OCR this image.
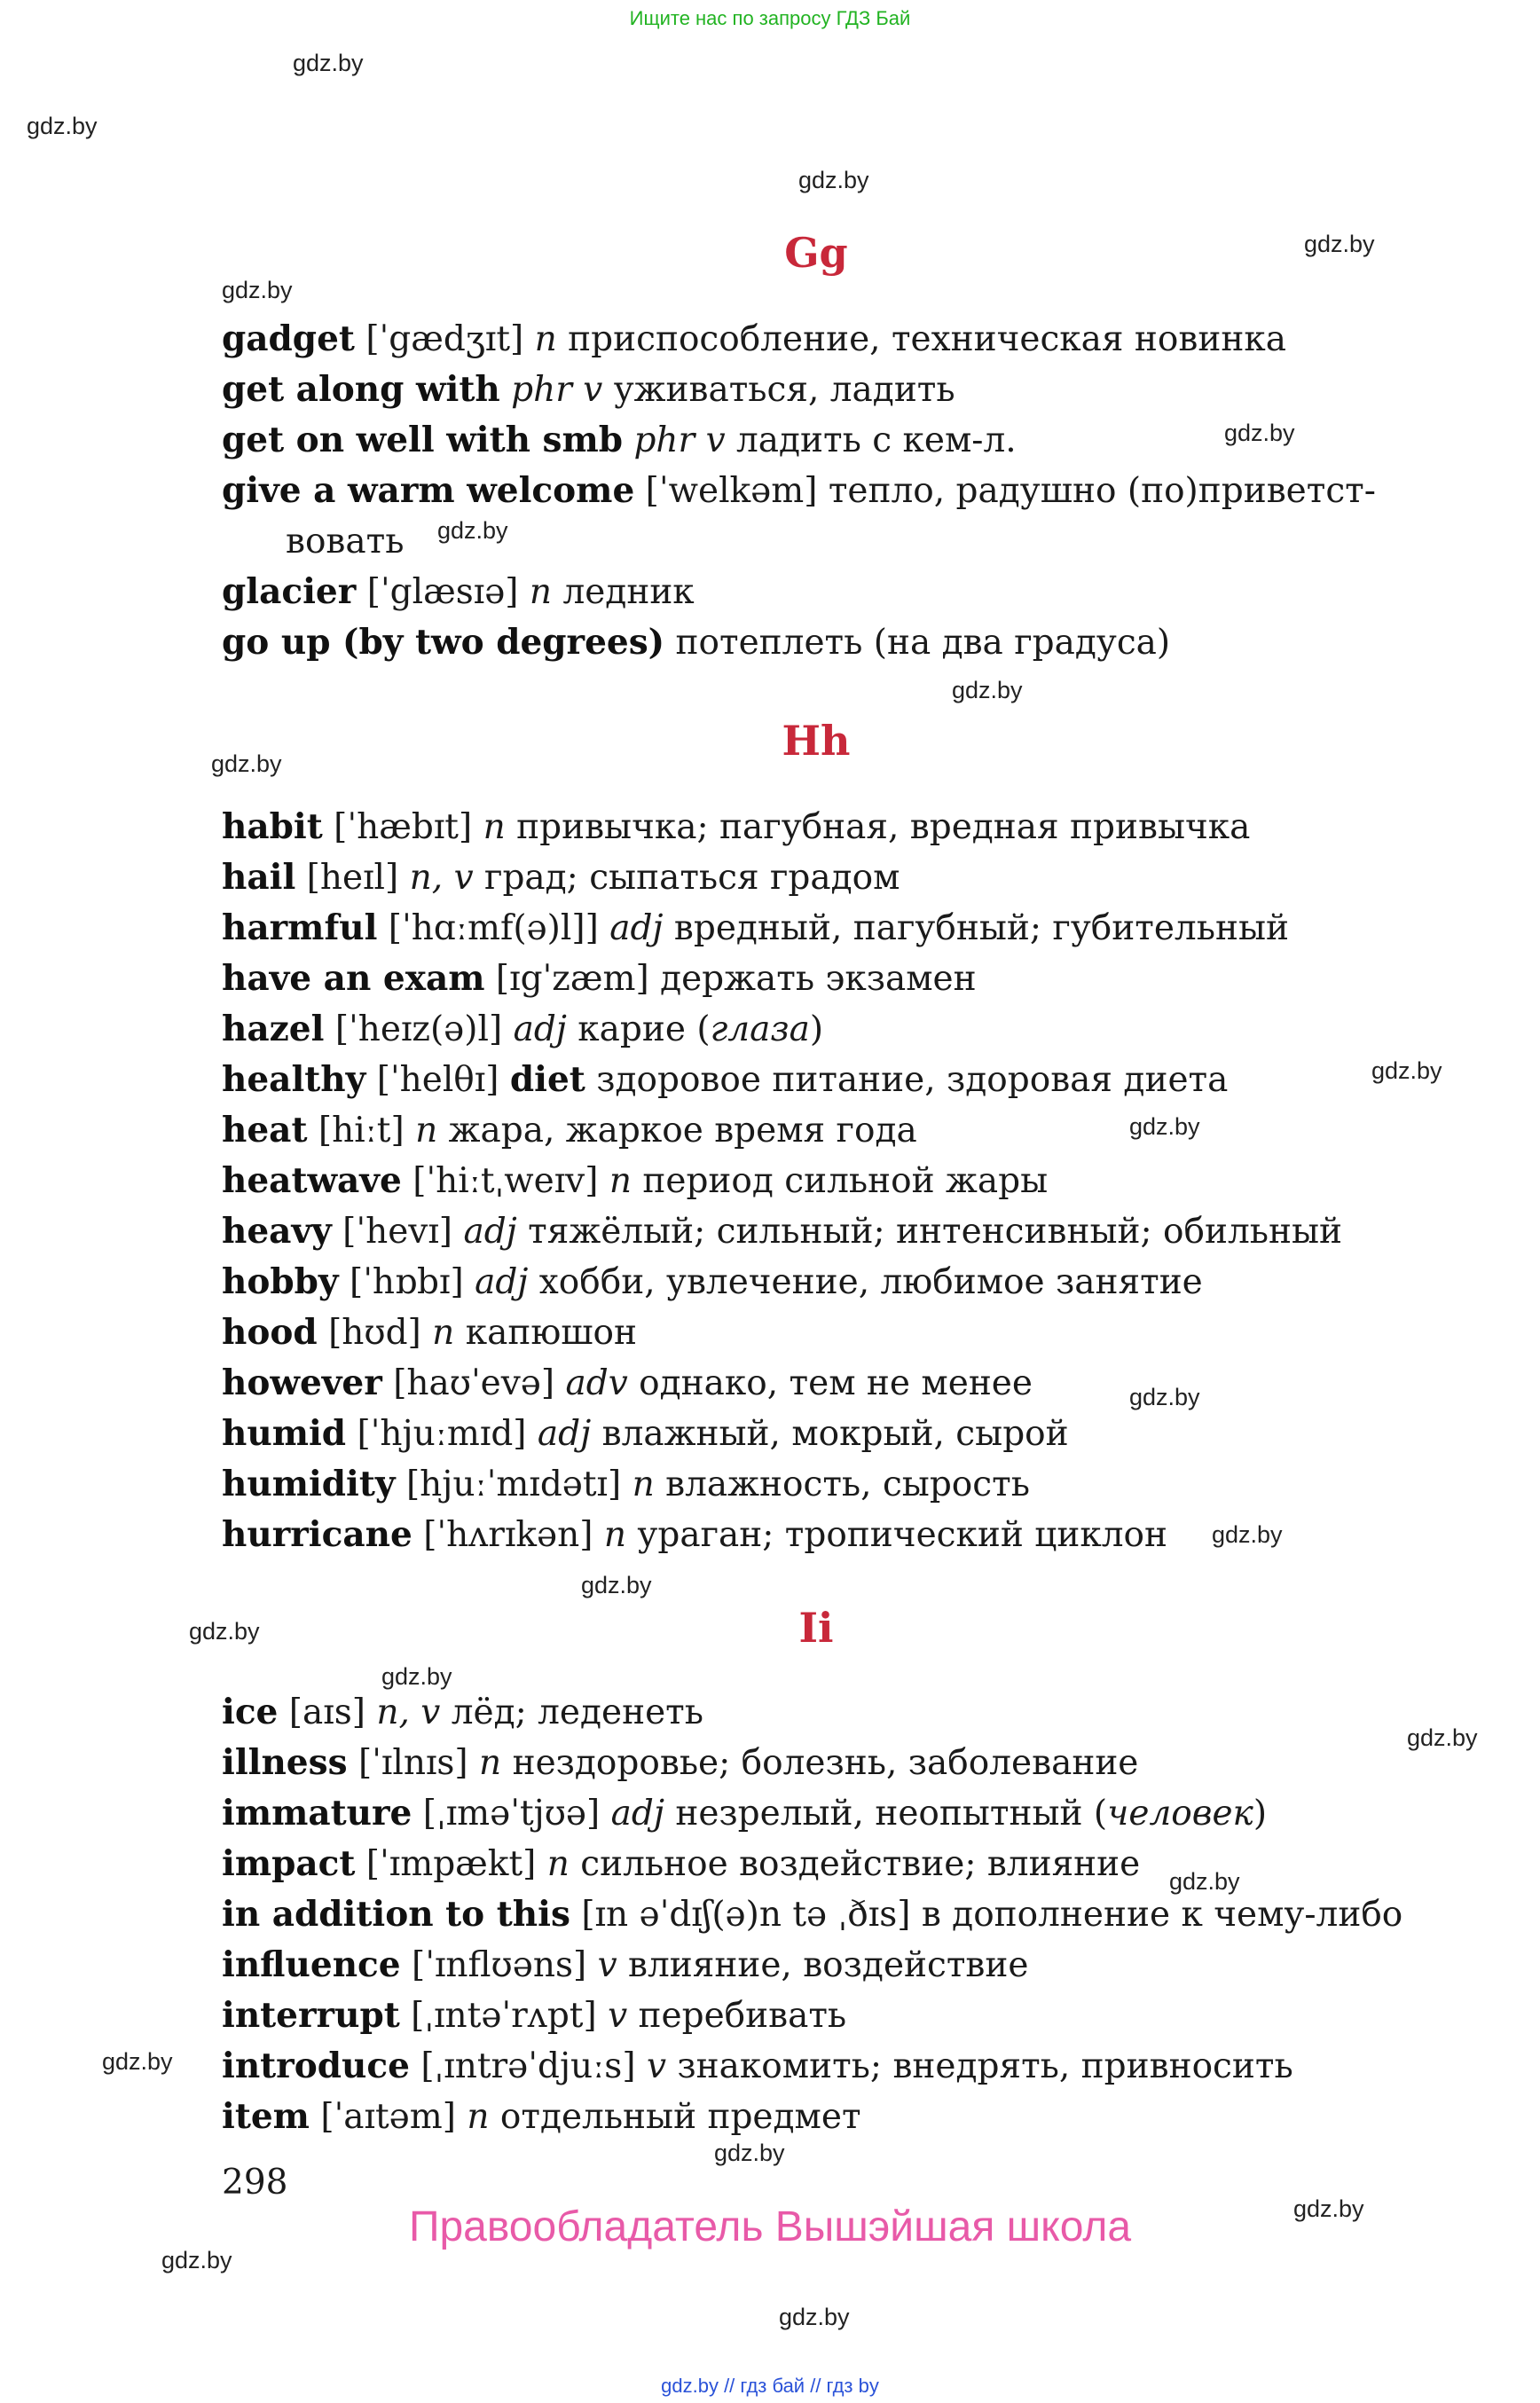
Ищите нас по запросу ГДЗ Бай
gdz.by
gdz.by
gdz.by
gdz.by
gdz.by
gdz.by
gdz.by
gdz.by
gdz.by
gdz.by
gdz.by
gdz.by
gdz.by
gdz.by
gdz.by
gdz.by
gdz.by
gdz.by
gdz.by
gdz.by
gdz.by
gdz.by
gdz.by
Gg
gadget [ˈgædʒɪt] n приспособление, техническая новинка
get along with phr v уживаться, ладить
get on well with smb phr v ладить с кем-л.
give a warm welcome [ˈwelkəm] тепло, радушно (по)приветст-
вовать
glacier [ˈglæsɪə] n ледник
go up (by two degrees) потеплеть (на два градуса)
Hh
habit [ˈhæbɪt] n привычка; пагубная, вредная привычка
hail [heɪl] n, v град; сыпаться градом
harmful [ˈhɑːmf(ə)l]] adj вредный, пагубный; губительный
have an exam [ɪgˈzæm] держать экзамен
hazel [ˈheɪz(ə)l] adj карие (глаза)
healthy [ˈhelθɪ] diet здоровое питание, здоровая диета
heat [hiːt] n жара, жаркое время года
heatwave [ˈhiːtˌweɪv] n период сильной жары
heavy [ˈhevɪ] adj тяжёлый; сильный; интенсивный; обильный
hobby [ˈhɒbɪ] adj хобби, увлечение, любимое занятие
hood [hʊd] n капюшон
however [haʊˈevə] adv однако, тем не менее
humid [ˈhjuːmɪd] adj влажный, мокрый, сырой
humidity [hjuːˈmɪdətɪ] n влажность, сырость
hurricane [ˈhʌrɪkən] n ураган; тропический циклон
Ii
ice [aɪs] n, v лёд; леденеть
illness [ˈɪlnɪs] n нездоровье; болезнь, заболевание
immature [ˌɪməˈtjʊə] adj незрелый, неопытный (человек)
impact [ˈɪmpækt] n сильное воздействие; влияние
in addition to this [ɪn əˈdɪʃ(ə)n tə ˌðɪs] в дополнение к чему-либо
influence [ˈɪnflʊəns] v влияние, воздействие
interrupt [ˌɪntəˈrʌpt] v перебивать
introduce [ˌɪntrəˈdjuːs] v знакомить; внедрять, привносить
item [ˈaɪtəm] n отдельный предмет
298
Правообладатель Вышэйшая школа
gdz.by // гдз бай // гдз by
